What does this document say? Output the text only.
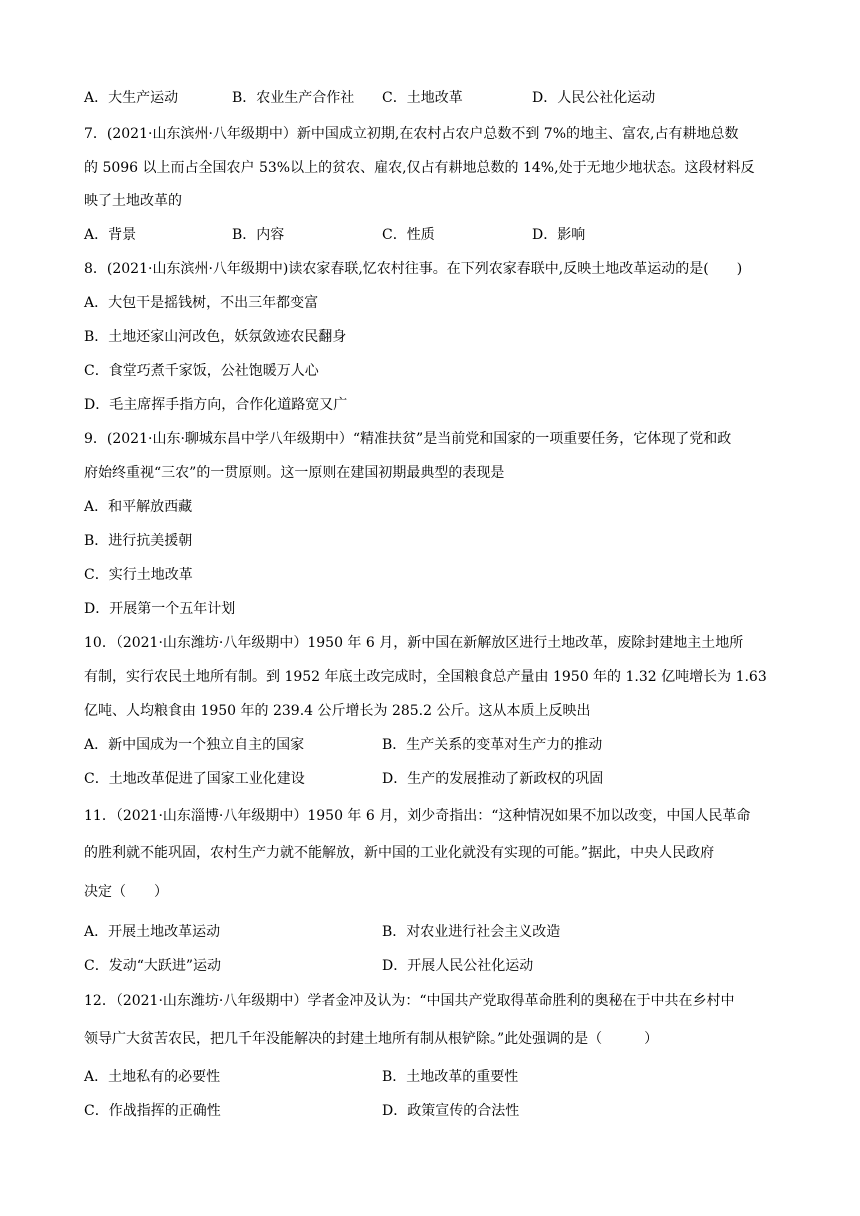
A．大生产运动	B．农业生产合作社 C．土地改革	D．人民公社化运动
7．(2021·山东滨州·八年级期中）新中国成立初期,在农村占农户总数不到 7%的地主、富农,占有耕地总数
的 5096 以上而占全国农户 53%以上的贫农、雇农,仅占有耕地总数的 14%,处于无地少地状态。这段材料反
映了土地改革的
A．背景	B．内容	C．性质	D．影响
8．(2021·山东滨州·八年级期中)读农家春联,忆农村往事。在下列农家春联中,反映土地改革运动的是(　　)
A．大包干是摇钱树，不出三年都变富
B．土地还家山河改色，妖氛敛迹农民翻身
C．食堂巧煮千家饭，公社饱暖万人心
D．毛主席挥手指方向，合作化道路宽又广
9．(2021·山东·聊城东昌中学八年级期中）“精准扶贫”是当前党和国家的一项重要任务，它体现了党和政
府始终重视“三农”的一贯原则。这一原则在建国初期最典型的表现是
A．和平解放西藏
B．进行抗美援朝
C．实行土地改革
D．开展第一个五年计划
10．（2021·山东潍坊·八年级期中）1950 年 6 月，新中国在新解放区进行土地改革，废除封建地主土地所
有制，实行农民土地所有制。到 1952 年底土改完成时，全国粮食总产量由 1950 年的 1.32 亿吨增长为 1.63
亿吨、人均粮食由 1950 年的 239.4 公斤增长为 285.2 公斤。这从本质上反映出
A．新中国成为一个独立自主的国家	B．生产关系的变革对生产力的推动
C．土地改革促进了国家工业化建设	D．生产的发展推动了新政权的巩固
11．（2021·山东淄博·八年级期中）1950 年 6 月，刘少奇指出：“这种情况如果不加以改变，中国人民革命
的胜利就不能巩固，农村生产力就不能解放，新中国的工业化就没有实现的可能。”据此，中央人民政府
决定（　　）
A．开展土地改革运动	B．对农业进行社会主义改造
C．发动“大跃进”运动	D．开展人民公社化运动
12．（2021·山东潍坊·八年级期中）学者金冲及认为：“中国共产党取得革命胜利的奥秘在于中共在乡村中
领导广大贫苦农民，把几千年没能解决的封建土地所有制从根铲除。”此处强调的是（　　　）
A．土地私有的必要性	B．土地改革的重要性
C．作战指挥的正确性	D．政策宣传的合法性
